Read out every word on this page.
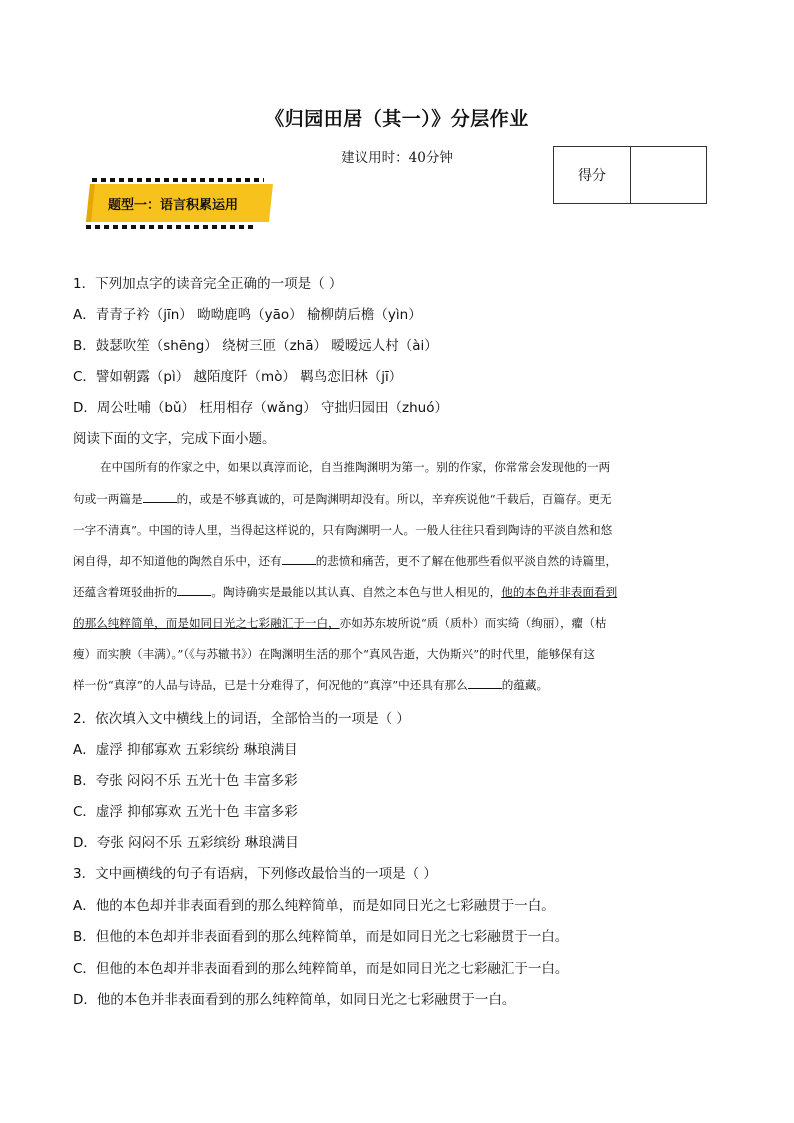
《归园田居（其一）》分层作业
建议用时：40分钟
得分
题型一：语言积累运用
1．下列加点字的读音完全正确的一项是（ ）
A．青青子衿（jīn） 呦呦鹿鸣（yāo） 榆柳荫后檐（yìn）
B．鼓瑟吹笙（shēng） 绕树三匝（zhā） 暧暧远人村（ài）
C．譬如朝露（pì） 越陌度阡（mò） 羁鸟恋旧林（jī）
D．周公吐哺（bǔ） 枉用相存（wǎng） 守拙归园田（zhuó）
阅读下面的文字，完成下面小题。
在中国所有的作家之中，如果以真淳而论，自当推陶渊明为第一。别的作家，你常常会发现他的一两
句或一两篇是	的，或是不够真诚的，可是陶渊明却没有。所以，辛弃疾说他“千载后，百篇存。更无
一字不清真”。中国的诗人里，当得起这样说的，只有陶渊明一人。一般人往往只看到陶诗的平淡自然和悠
闲自得，却不知道他的陶然自乐中，还有	的悲愤和痛苦，更不了解在他那些看似平淡自然的诗篇里，
还蕴含着斑驳曲折的	。陶诗确实是最能以其认真、自然之本色与世人相见的，他的本色并非表面看到
的那么纯粹简单，而是如同日光之七彩融汇于一白，亦如苏东坡所说“质（质朴）而实绮（绚丽），癯（枯
瘦）而实腴（丰满）。”（《与苏辙书》）在陶渊明生活的那个“真风告逝，大伪斯兴”的时代里，能够保有这
样一份“真淳”的人品与诗品，已是十分难得了，何况他的“真淳”中还具有那么	的蕴藏。
2．依次填入文中横线上的词语，全部恰当的一项是（ ）
A．虚浮 抑郁寡欢 五彩缤纷 琳琅满目
B．夸张 闷闷不乐 五光十色 丰富多彩
C．虚浮 抑郁寡欢 五光十色 丰富多彩
D．夸张 闷闷不乐 五彩缤纷 琳琅满目
3．文中画横线的句子有语病，下列修改最恰当的一项是（ ）
A．他的本色却并非表面看到的那么纯粹简单，而是如同日光之七彩融贯于一白。
B．但他的本色却并非表面看到的那么纯粹简单，而是如同日光之七彩融贯于一白。
C．但他的本色却并非表面看到的那么纯粹简单，而是如同日光之七彩融汇于一白。
D．他的本色并非表面看到的那么纯粹简单，如同日光之七彩融贯于一白。
